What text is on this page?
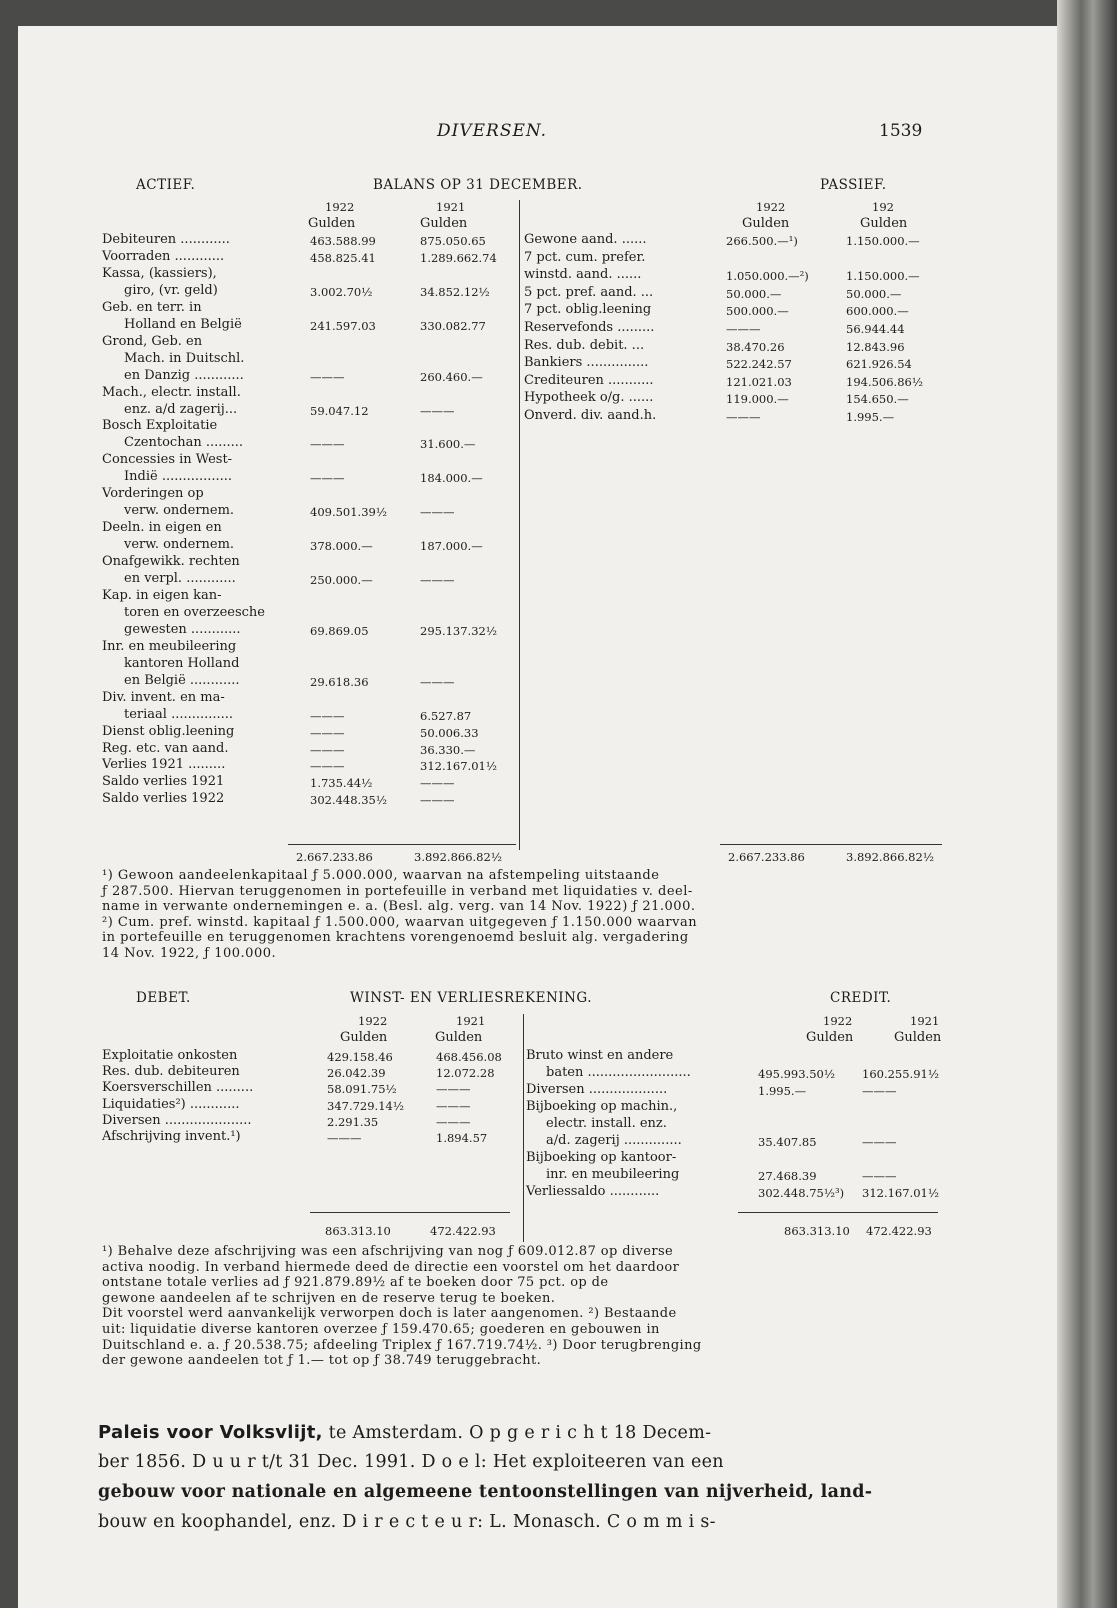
DIVERSEN.	1539
ACTIEF.	BALANS OP 31 DECEMBER.	PASSIEF.
1922	1921
Gulden	Gulden
1922	192
Gulden	Gulden
Debiteuren ............	463.588.99	875.050.65
Voorraden ............	458.825.41	1.289.662.74
Kassa, (kassiers),
giro, (vr. geld)	3.002.70½	34.852.12½
Geb. en terr. in
Holland en België	241.597.03	330.082.77
Grond, Geb. en
Mach. in Duitschl.
en Danzig ............	———	260.460.—
Mach., electr. install.
enz. a/d zagerij...	59.047.12	———
Bosch Exploitatie
Czentochan .........	———	31.600.—
Concessies in West-
Indië .................	———	184.000.—
Vorderingen op
verw. ondernem.	409.501.39½	———
Deeln. in eigen en
verw. ondernem.	378.000.—	187.000.—
Onafgewikk. rechten
en verpl. ............	250.000.—	———
Kap. in eigen kan-
toren en overzeesche
gewesten ............	69.869.05	295.137.32½
Inr. en meubileering
kantoren Holland
en België ............	29.618.36	———
Div. invent. en ma-
teriaal ...............	———	6.527.87
Dienst oblig.leening	———	50.006.33
Reg. etc. van aand.	———	36.330.—
Verlies 1921 .........	———	312.167.01½
Saldo verlies 1921	1.735.44½	———
Saldo verlies 1922	302.448.35½	———
Gewone aand. ......	266.500.—¹)	1.150.000.—
7 pct. cum. prefer.
winstd. aand. ......	1.050.000.—²)	1.150.000.—
5 pct. pref. aand. ...	50.000.—	50.000.—
7 pct. oblig.leening	500.000.—	600.000.—
Reservefonds .........	———	56.944.44
Res. dub. debit. ...	38.470.26	12.843.96
Bankiers ...............	522.242.57	621.926.54
Crediteuren ...........	121.021.03	194.506.86½
Hypotheek o/g. ......	119.000.—	154.650.—
Onverd. div. aand.h.	———	1.995.—
2.667.233.86	3.892.866.82½	2.667.233.86	3.892.866.82½
¹) Gewoon aandeelenkapitaal ƒ 5.000.000, waarvan na afstempeling uitstaande
ƒ 287.500. Hiervan teruggenomen in portefeuille in verband met liquidaties v. deel-
name in verwante ondernemingen e. a. (Besl. alg. verg. van 14 Nov. 1922) ƒ 21.000.
²) Cum. pref. winstd. kapitaal ƒ 1.500.000, waarvan uitgegeven ƒ 1.150.000 waarvan
in portefeuille en teruggenomen krachtens vorengenoemd besluit alg. vergadering
14 Nov. 1922, ƒ 100.000.
DEBET.	WINST- EN VERLIESREKENING.	CREDIT.
1922	1921
Gulden	Gulden
1922	1921
Gulden	Gulden
Exploitatie onkosten	429.158.46	468.456.08
Res. dub. debiteuren	26.042.39	12.072.28
Koersverschillen .........	58.091.75½	———
Liquidaties²) ............	347.729.14½	———
Diversen .....................	2.291.35	———
Afschrijving invent.¹)	———	1.894.57
Bruto winst en andere
baten .........................	495.993.50½ 160.255.91½
Diversen ...................	1.995.—	———
Bijboeking op machin.,
electr. install. enz.
a/d. zagerij ..............	35.407.85	———
Bijboeking op kantoor-
inr. en meubileering	27.468.39	———
Verliessaldo ............	302.448.75½³) 312.167.01½
863.313.10	472.422.93	863.313.10 472.422.93
¹) Behalve deze afschrijving was een afschrijving van nog ƒ 609.012.87 op diverse
activa noodig. In verband hiermede deed de directie een voorstel om het daardoor
ontstane totale verlies ad ƒ 921.879.89½ af te boeken door 75 pct. op de
gewone aandeelen af te schrijven en de reserve terug te boeken.
Dit voorstel werd aanvankelijk verworpen doch is later aangenomen. ²) Bestaande
uit: liquidatie diverse kantoren overzee ƒ 159.470.65; goederen en gebouwen in
Duitschland e. a. ƒ 20.538.75; afdeeling Triplex ƒ 167.719.74½. ³) Door terugbrenging
der gewone aandeelen tot ƒ 1.— tot op ƒ 38.749 teruggebracht.
Paleis voor Volksvlijt, te Amsterdam. O p g e r i c h t 18 Decem-
ber 1856. D u u r t/t 31 Dec. 1991. D o e l: Het exploiteeren van een
gebouw voor nationale en algemeene tentoonstellingen van nijverheid, land-
bouw en koophandel, enz. D i r e c t e u r: L. Monasch. C o m m i s-
